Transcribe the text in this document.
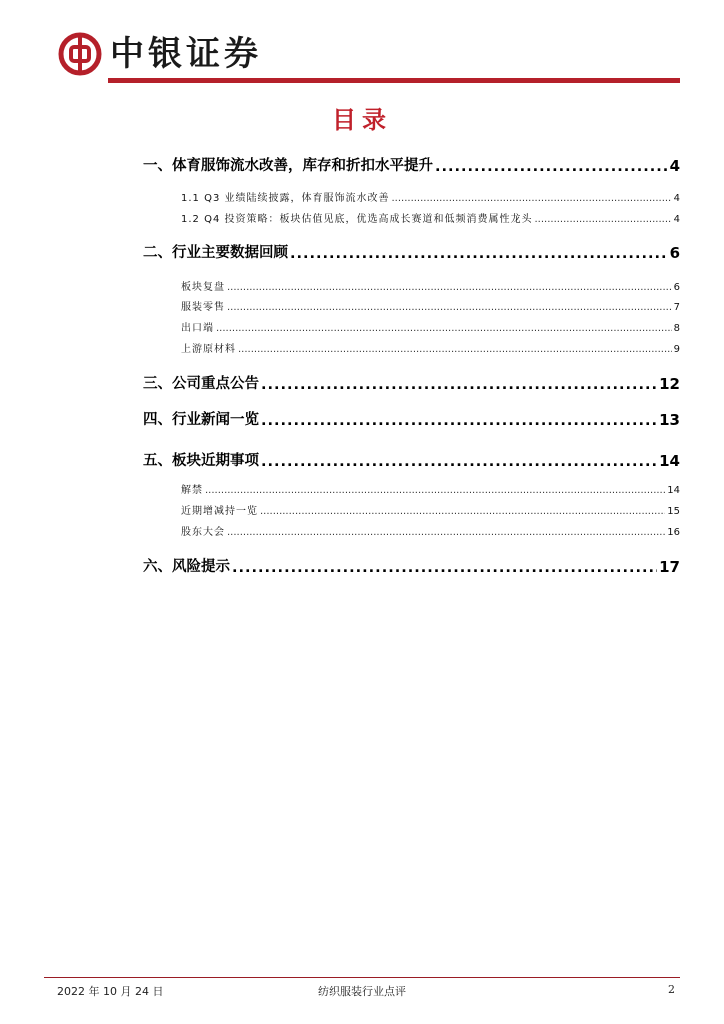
中银证券
目录
一、体育服饰流水改善，库存和折扣水平提升 .....	4
1.1 Q3 业绩陆续披露，体育服饰流水改善 .....	4
1.2 Q4 投资策略：板块估值见底，优选高成长赛道和低频消费属性龙头 .....	4
二、行业主要数据回顾 .....	6
板块复盘 .....	6
服装零售 .....	7
出口端 .....	8
上游原材料 .....	9
三、公司重点公告 .....	12
四、行业新闻一览 .....	13
五、板块近期事项 .....	14
解禁 .....	14
近期增减持一览 .....	15
股东大会 .....	16
六、风险提示 .....	17
2022 年 10 月 24 日	纺织服装行业点评	2
